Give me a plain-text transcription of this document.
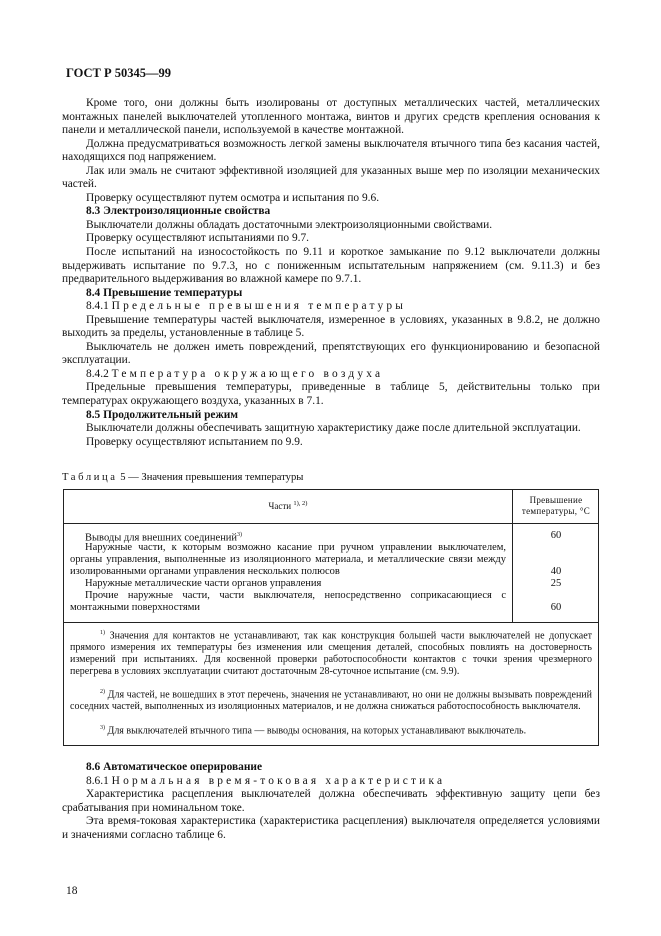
ГОСТ Р 50345—99

Кроме того, они должны быть изолированы от доступных металлических частей, металлических монтажных панелей выключателей утопленного монтажа, винтов и других средств крепления основания к панели и металлической панели, используемой в качестве монтажной.

Должна предусматриваться возможность легкой замены выключателя втычного типа без касания частей, находящихся под напряжением.

Лак или эмаль не считают эффективной изоляцией для указанных выше мер по изоляции механических частей.

Проверку осуществляют путем осмотра и испытания по 9.6.

8.3 Электроизоляционные свойства

Выключатели должны обладать достаточными электроизоляционными свойствами.

Проверку осуществляют испытаниями по 9.7.

После испытаний на износостойкость по 9.11 и короткое замыкание по 9.12 выключатели должны выдерживать испытание по 9.7.3, но с пониженным испытательным напряжением (см. 9.11.3) и без предварительного выдерживания во влажной камере по 9.7.1.

8.4 Превышение температуры

8.4.1 Предельные превышения температуры

Превышение температуры частей выключателя, измеренное в условиях, указанных в 9.8.2, не должно выходить за пределы, установленные в таблице 5.

Выключатель не должен иметь повреждений, препятствующих его функционированию и безопасной эксплуатации.

8.4.2 Температура окружающего воздуха

Предельные превышения температуры, приведенные в таблице 5, действительны только при температурах окружающего воздуха, указанных в 7.1.

8.5 Продолжительный режим

Выключатели должны обеспечивать защитную характеристику даже после длительной эксплуатации.

Проверку осуществляют испытанием по 9.9.

Таблица 5 — Значения превышения температуры
Части $^{1), 2)}$	Превышение
температуры, °С
Выводы для внешних соединений$^{3)}$	60
Наружные части, к которым возможно касание при ручном управлении выключателем, органы управления, выполненные из изоляционного материала, и металлические связи между изолированными органами управления нескольких полюсов	40
Наружные металлические части органов управления	25
Прочие наружные части, части выключателя, непосредственно соприкасающиеся с монтажными поверхностями	60
$^{1)}$ Значения для контактов не устанавливают, так как конструкция большей части выключателей не допускает прямого измерения их температуры без изменения или смещения деталей, способных повлиять на достоверность измерений при испытаниях. Для косвенной проверки работоспособности контактов с точки зрения чрезмерного перегрева в условиях эксплуатации считают достаточным 28-суточное испытание (см. 9.9).
$^{2)}$ Для частей, не вошедших в этот перечень, значения не устанавливают, но они не должны вызывать повреждений соседних частей, выполненных из изоляционных материалов, и не должна снижаться работоспособность выключателя.
$^{3)}$ Для выключателей втычного типа — выводы основания, на которых устанавливают выключатель.

8.6 Автоматическое оперирование

8.6.1 Нормальная время-токовая характеристика

Характеристика расцепления выключателей должна обеспечивать эффективную защиту цепи без срабатывания при номинальном токе.

Эта время-токовая характеристика (характеристика расцепления) выключателя определяется условиями и значениями согласно таблице 6.

18
